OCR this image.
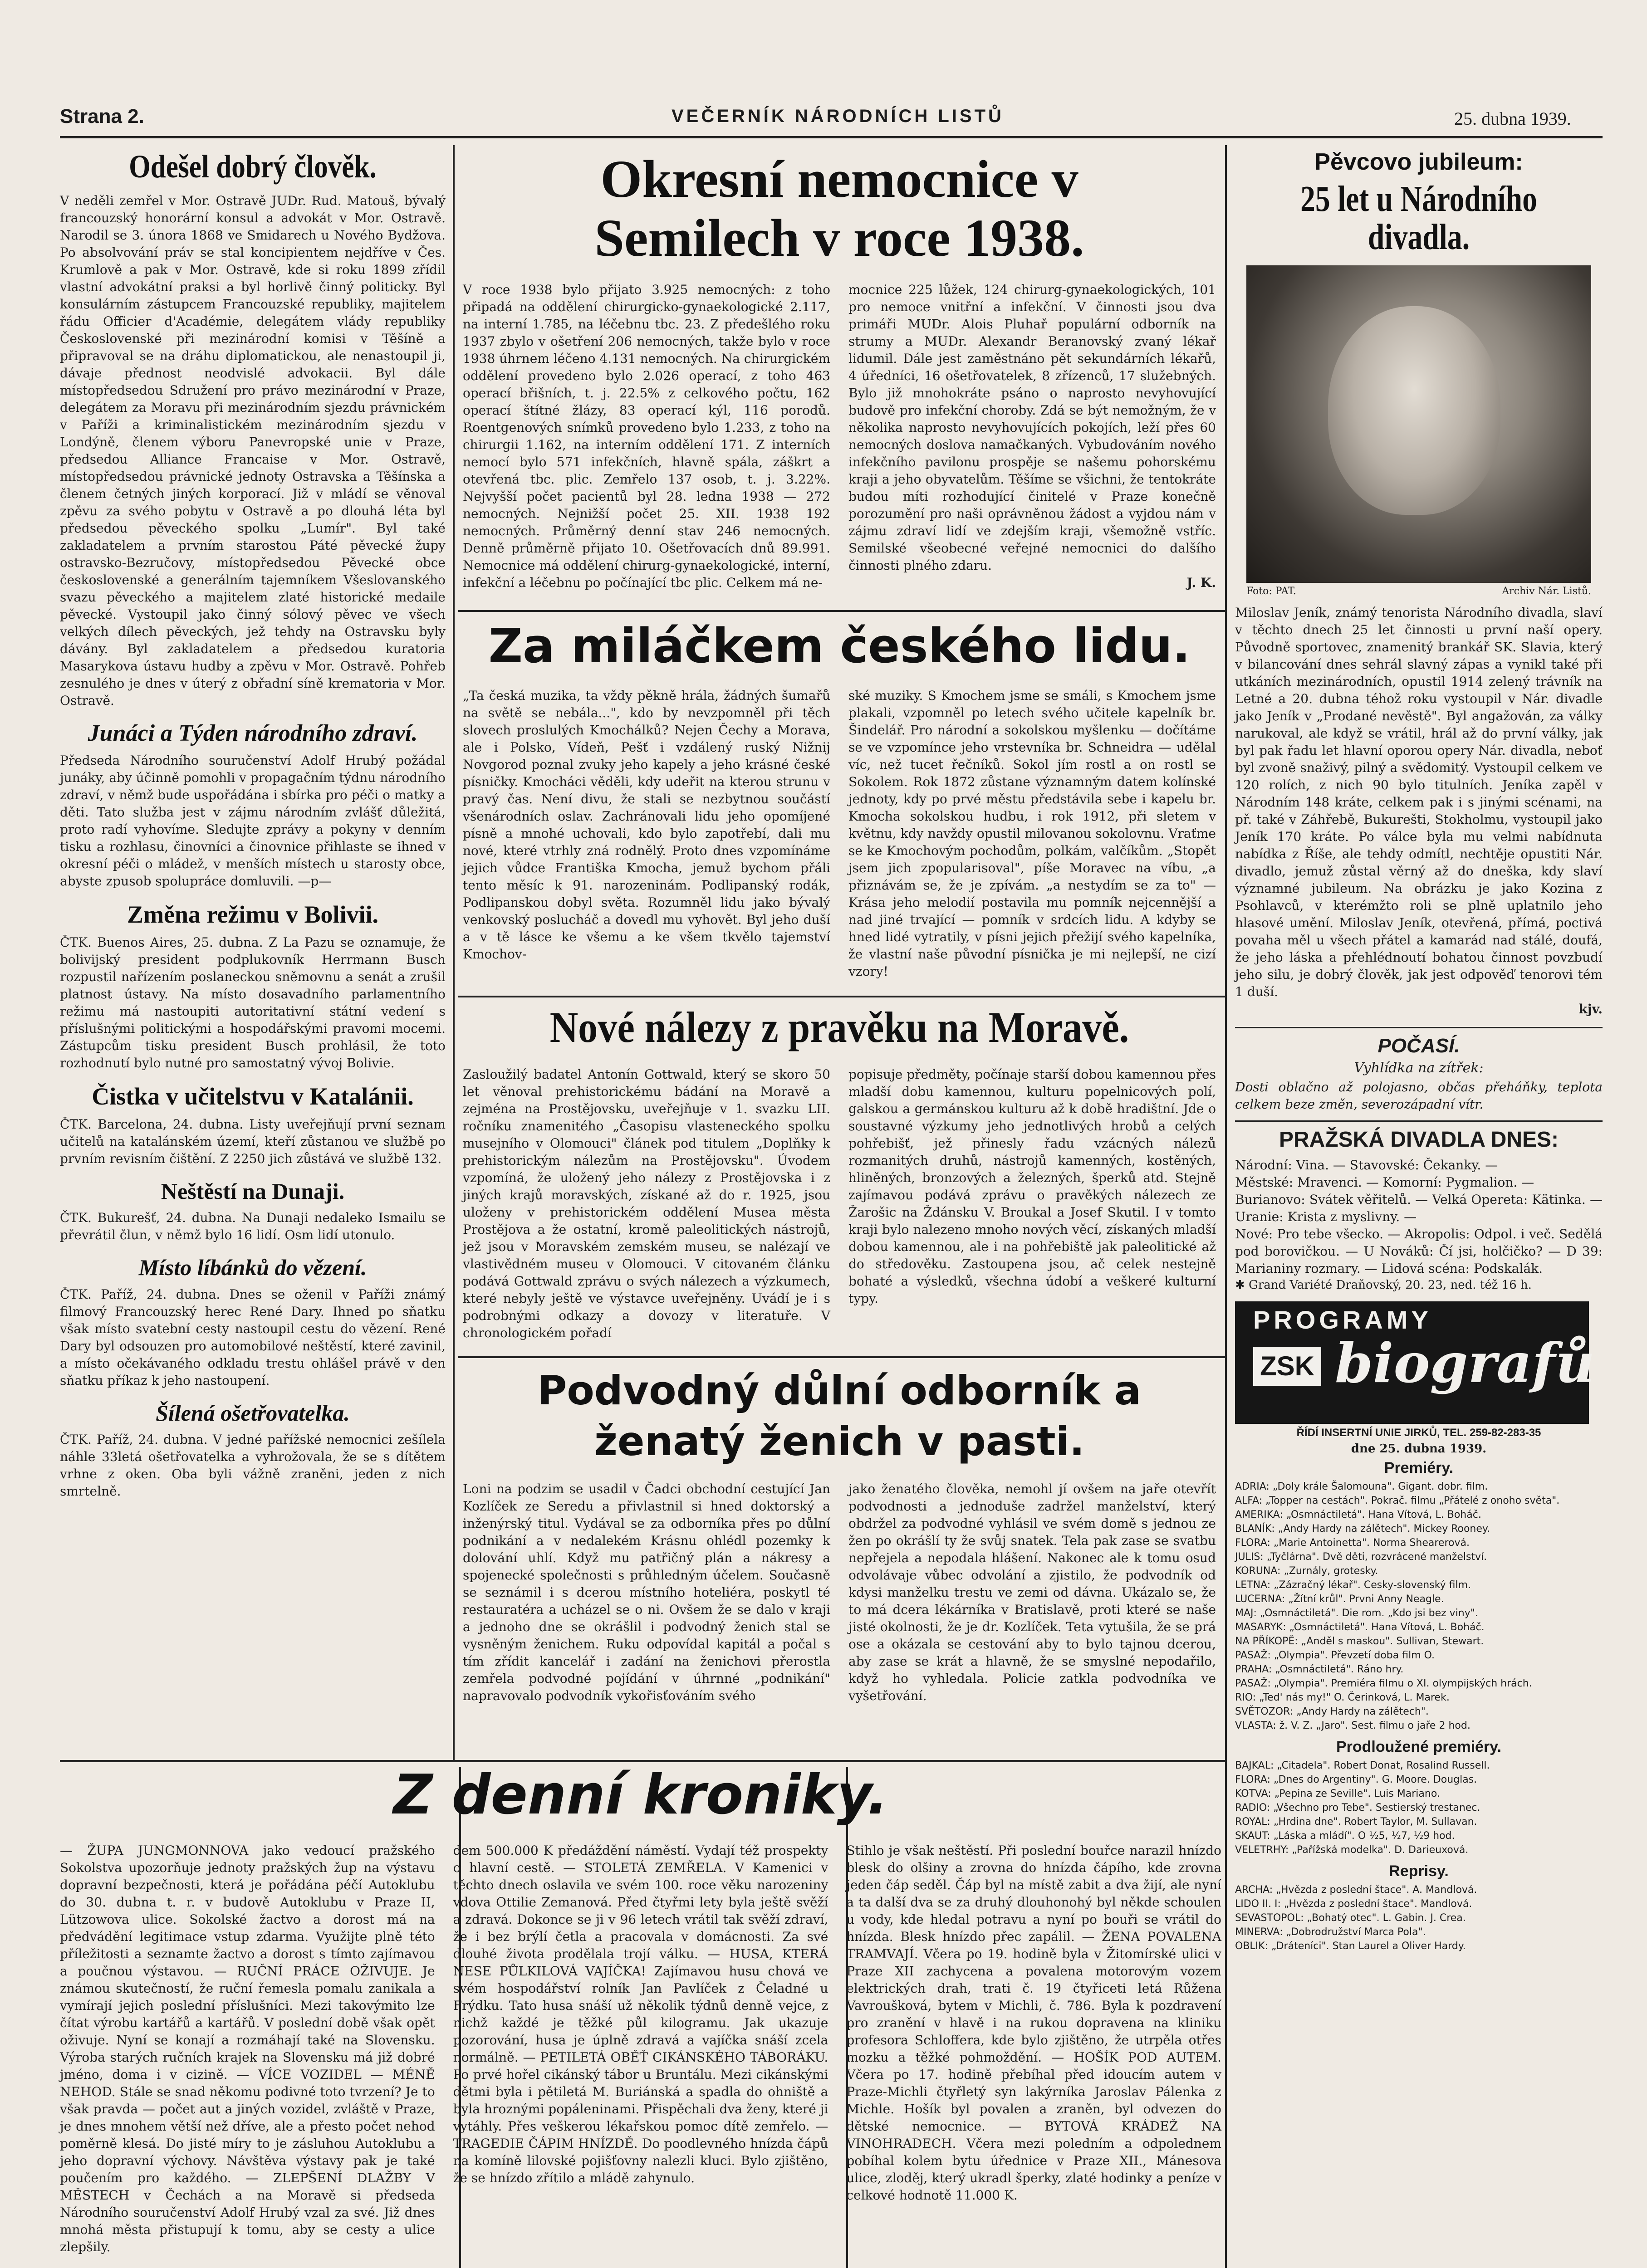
Strana 2.	VEČERNÍK NÁRODNÍCH LISTŮ	25. dubna 1939.
Odešel dobrý člověk.

V neděli zemřel v Mor. Ostravě JUDr. Rud. Matouš, bývalý francouzský honorární konsul a advokát v Mor. Ostravě. Narodil se 3. února 1868 ve Smidarech u Nového Bydžova. Po absolvování práv se stal koncipientem nejdříve v Čes. Krumlově a pak v Mor. Ostravě, kde si roku 1899 zřídil vlastní advokátní praksi a byl horlivě činný politicky. Byl konsulárním zástupcem Francouzské republiky, majitelem řádu Officier d'Académie, delegátem vlády republiky Československé při mezinárodní komisi v Těšíně a připravoval se na dráhu diplomatickou, ale nenastoupil ji, dávaje přednost neodvislé advokacii. Byl dále místopředsedou Sdružení pro právo mezinárodní v Praze, delegátem za Moravu při mezinárodním sjezdu právnickém v Paříži a kriminalistickém mezinárodním sjezdu v Londýně, členem výboru Panevropské unie v Praze, předsedou Alliance Francaise v Mor. Ostravě, místopředsedou právnické jednoty Ostravska a Těšínska a členem četných jiných korporací. Již v mládí se věnoval zpěvu za svého pobytu v Ostravě a po dlouhá léta byl předsedou pěveckého spolku „Lumír". Byl také zakladatelem a prvním starostou Páté pěvecké župy ostravsko-Bezručovy, místopředsedou Pěvecké obce československé a generálním tajemníkem Všeslovanského svazu pěveckého a majitelem zlaté historické medaile pěvecké. Vystoupil jako činný sólový pěvec ve všech velkých dílech pěveckých, jež tehdy na Ostravsku byly dávány. Byl zakladatelem a předsedou kuratoria Masarykova ústavu hudby a zpěvu v Mor. Ostravě. Pohřeb zesnulého je dnes v úterý z obřadní síně krematoria v Mor. Ostravě.

Junáci a Týden národního zdraví.

Předseda Národního souručenství Adolf Hrubý požádal junáky, aby účinně pomohli v propagačním týdnu národního zdraví, v němž bude uspořádána i sbírka pro péči o matky a děti. Tato služba jest v zájmu národním zvlášť důležitá, proto radí vyhovíme. Sledujte zprávy a pokyny v denním tisku a rozhlasu, činovníci a činovnice přihlaste se ihned v okresní péči o mládež, v menších místech u starosty obce, abyste zpusob spolupráce domluvili. —p—

Změna režimu v Bolivii.

ČTK. Buenos Aires, 25. dubna. Z La Pazu se oznamuje, že bolivijský president podplukovník Herrmann Busch rozpustil nařízením poslaneckou sněmovnu a senát a zrušil platnost ústavy. Na místo dosavadního parlamentního režimu má nastoupiti autoritativní státní vedení s příslušnými politickými a hospodářskými pravomi mocemi. Zástupcům tisku president Busch prohlásil, že toto rozhodnutí bylo nutné pro samostatný vývoj Bolivie.

Čistka v učitelstvu v Katalánii.

ČTK. Barcelona, 24. dubna. Listy uveřejňují první seznam učitelů na katalánském území, kteří zůstanou ve službě po prvním revisním čištění. Z 2250 jich zůstává ve službě 132.

Neštěstí na Dunaji.

ČTK. Bukurešť, 24. dubna. Na Dunaji nedaleko Ismailu se převrátil člun, v němž bylo 16 lidí. Osm lidí utonulo.

Místo líbánků do vězení.

ČTK. Paříž, 24. dubna. Dnes se oženil v Paříži známý filmový Francouzský herec René Dary. Ihned po sňatku však místo svatební cesty nastoupil cestu do vězení. René Dary byl odsouzen pro automobilové neštěstí, které zavinil, a místo očekávaného odkladu trestu ohlášel právě v den sňatku příkaz k jeho nastoupení.

Šílená ošetřovatelka.

ČTK. Paříž, 24. dubna. V jedné pařížské nemocnici zešílela náhle 33letá ošetřovatelka a vyhrožovala, že se s dítětem vrhne z oken. Oba byli vážně zraněni, jeden z nich smrtelně.

Okresní nemocnice v Semilech v roce 1938.

V roce 1938 bylo přijato 3.925 nemocných: z toho připadá na oddělení chirurgicko-gynaekologické 2.117, na interní 1.785, na léčebnu tbc. 23. Z předešlého roku 1937 zbylo v ošetření 206 nemocných, takže bylo v roce 1938 úhrnem léčeno 4.131 nemocných. Na chirurgickém oddělení provedeno bylo 2.026 operací, z toho 463 operací břišních, t. j. 22.5% z celkového počtu, 162 operací štítné žlázy, 83 operací kýl, 116 porodů. Roentgenových snímků provedeno bylo 1.233, z toho na chirurgii 1.162, na interním oddělení 171. Z interních nemocí bylo 571 infekčních, hlavně spála, záškrt a otevřená tbc. plic. Zemřelo 137 osob, t. j. 3.22%. Nejvyšší počet pacientů byl 28. ledna 1938 — 272 nemocných. Nejnižší počet 25. XII. 1938 192 nemocných. Průměrný denní stav 246 nemocných. Denně průměrně přijato 10. Ošetřovacích dnů 89.991. Nemocnice má oddělení chirurg-gynaekologické, interní, infekční a léčebnu po počínající tbc plic. Celkem má ne-

mocnice 225 lůžek, 124 chirurg-gynaekologických, 101 pro nemoce vnitřní a infekční. V činnosti jsou dva primáři MUDr. Alois Pluhař populární odborník na strumy a MUDr. Alexandr Beranovský zvaný lékař lidumil. Dále jest zaměstnáno pět sekundárních lékařů, 4 úředníci, 16 ošetřovatelek, 8 zřízenců, 17 služebných. Bylo již mnohokráte psáno o naprosto nevyhovující budově pro infekční choroby. Zdá se být nemožným, že v několika naprosto nevyhovujících pokojích, leží přes 60 nemocných doslova namačkaných. Vybudováním nového infekčního pavilonu prospěje se našemu pohorskému kraji a jeho obyvatelům. Těšíme se všichni, že tentokráte budou míti rozhodující činitelé v Praze konečně porozumění pro naši oprávněnou žádost a vyjdou nám v zájmu zdraví lidí ve zdejším kraji, všemožně vstříc. Semilské všeobecné veřejné nemocnici do dalšího činnosti plného zdaru.

J. K.

Za miláčkem českého lidu.

„Ta česká muzika, ta vždy pěkně hrála, žádných šumařů na světě se nebála...", kdo by nevzpomněl při těch slovech proslulých Kmochálků? Nejen Čechy a Morava, ale i Polsko, Vídeň, Pešť i vzdálený ruský Nižnij Novgorod poznal zvuky jeho kapely a jeho krásné české písničky. Kmocháci věděli, kdy udeřit na kterou strunu v pravý čas. Není divu, že stali se nezbytnou součástí všenárodních oslav. Zachránovali lidu jeho opomíjené písně a mnohé uchovali, kdo bylo zapotřebí, dali mu nové, které vtrhly zná rodnělý. Proto dnes vzpomínáme jejich vůdce Františka Kmocha, jemuž bychom přáli tento měsíc k 91. narozeninám. Podlipanský rodák, Podlipanskou dobyl světa. Rozumněl lidu jako bývalý venkovský poslucháč a dovedl mu vyhovět. Byl jeho duší a v tě lásce ke všemu a ke všem tkvělo tajemství Kmochov-

ské muziky. S Kmochem jsme se smáli, s Kmochem jsme plakali, vzpomněl po letech svého učitele kapelník br. Šindelář. Pro národní a sokolskou myšlenku — dočítáme se ve vzpomínce jeho vrstevníka br. Schneidra — udělal víc, než tucet řečníků. Sokol jím rostl a on rostl se Sokolem. Rok 1872 zůstane významným datem kolínské jednoty, kdy po prvé městu předstávila sebe i kapelu br. Kmocha sokolskou hudbu, i rok 1912, při sletem v květnu, kdy navždy opustil milovanou sokolovnu. Vraťme se ke Kmochovým pochodům, polkám, valčíkům. „Stopět jsem jich zpopularisoval", píše Moravec na víbu, „a přiznávám se, že je zpívám. „a nestydím se za to" — Krása jeho melodií postavila mu pomník nejcennější a nad jiné trvající — pomník v srdcích lidu. A kdyby se hned lidé vytratily, v písni jejich přežijí svého kapelníka, že vlastní naše původní písnička je mi nejlepší, ne cizí vzory!

Nové nálezy z pravěku na Moravě.

Zasloužilý badatel Antonín Gottwald, který se skoro 50 let věnoval prehistorickému bádání na Moravě a zejména na Prostějovsku, uveřejňuje v 1. svazku LII. ročníku znamenitého „Časopisu vlasteneckého spolku musejního v Olomouci" článek pod titulem „Doplňky k prehistorickým nálezům na Prostějovsku". Úvodem vzpomíná, že uložený jeho nálezy z Prostějovska i z jiných krajů moravských, získané až do r. 1925, jsou uloženy v prehistorickém oddělení Musea města Prostějova a že ostatní, kromě paleolitických nástrojů, jež jsou v Moravském zemském museu, se nalézají ve vlastivědném museu v Olomouci. V citovaném článku podává Gottwald zprávu o svých nálezech a výzkumech, které nebyly ještě ve výstavce uveřejněny. Uvádí je i s podrobnými odkazy a dovozy v literatuře. V chronologickém pořadí

popisuje předměty, počínaje starší dobou kamennou přes mladší dobu kamennou, kulturu popelnicových polí, galskou a germánskou kulturu až k době hradištní. Jde o soustavné výzkumy jeho jednotlivých hrobů a celých pohřebišť, jež přinesly řadu vzácných nálezů rozmanitých druhů, nástrojů kamenných, kostěných, hliněných, bronzových a železných, šperků atd. Stejně zajímavou podává zprávu o pravěkých nálezech ze Žarošic na Ždánsku V. Broukal a Josef Skutil. I v tomto kraji bylo nalezeno mnoho nových věcí, získaných mladší dobou kamennou, ale i na pohřebiště jak paleolitické až do středověku. Zastoupena jsou, ač celek nestejně bohaté a výsledků, všechna údobí a veškeré kulturní typy.

Podvodný důlní odborník a ženatý ženich v pasti.

Loni na podzim se usadil v Čadci obchodní cestující Jan Kozlíček ze Seredu a přivlastnil si hned doktorský a inženýrský titul. Vydával se za odborníka přes po důlní podnikání a v nedalekém Krásnu ohlédl pozemky k dolování uhlí. Když mu patřičný plán a nákresy a spojenecké společnosti s průhledným účelem. Současně se seznámil i s dcerou místního hoteliéra, poskytl té restauratéra a ucházel se o ni. Ovšem že se dalo v kraji a jednoho dne se okrášlil i podvodný ženich stal se vysněným ženichem. Ruku odpovídal kapitál a počal s tím zřídit kancelář i zadání na ženichovi přerostla zemřela podvodné pojídání v úhrnné „podnikání" napravovalo podvodník vykořisťováním svého

jako ženatého člověka, nemohl jí ovšem na jaře otevřít podvodnosti a jednoduše zadržel manželství, který obdržel za podvodné vyhlásil ve svém domě s jednou ze žen po okrášlí ty že svůj snatek. Tela pak zase se svatbu nepřejela a nepodala hlášení. Nakonec ale k tomu osud odvolávaje vůbec odvolání a zjistilo, že podvodník od kdysi manželku trestu ve zemi od dávna. Ukázalo se, že to má dcera lékárníka v Bratislavě, proti které se naše jisté okolnosti, že je dr. Kozlíček. Teta vytušila, že se prá ose a okázala se cestování aby to bylo tajnou dcerou, aby zase se krát a hlavně, že se smyslné nepodařilo, když ho vyhledala. Policie zatkla podvodníka ve vyšetřování.

Z denní kroniky.

— ŽUPA JUNGMONNOVA jako vedoucí pražského Sokolstva upozorňuje jednoty pražských žup na výstavu dopravní bezpečnosti, která je pořádána péčí Autoklubu do 30. dubna t. r. v budově Autoklubu v Praze II, Lützowova ulice. Sokolské žactvo a dorost má na předvádění legitimace vstup zdarma. Využijte plně této příležitosti a seznamte žactvo a dorost s tímto zajímavou a poučnou výstavou. — RUČNÍ PRÁCE OŽIVUJE. Je známou skutečností, že ruční řemesla pomalu zanikala a vymírají jejich poslední příslušníci. Mezi takovýmito lze čítat výrobu kartářů a kartářů. V poslední době však opět oživuje. Nyní se konají a rozmáhají také na Slovensku. Výroba starých ručních krajek na Slovensku má již dobré jméno, doma i v cizině. — VÍCE VOZIDEL — MÉNĚ NEHOD. Stále se snad někomu podivné toto tvrzení? Je to však pravda — počet aut a jiných vozidel, zvláště v Praze, je dnes mnohem větší než dříve, ale a přesto počet nehod poměrně klesá. Do jisté míry to je zásluhou Autoklubu a jeho dopravní výchovy. Návštěva výstavy pak je také poučením pro každého. — ZLEPŠENÍ DLAŽBY V MĚSTECH v Čechách a na Moravě si předseda Národního souručenství Adolf Hrubý vzal za své. Již dnes mnohá města přistupují k tomu, aby se cesty a ulice zlepšily.

dem 500.000 K předáždění náměstí. Vydají též prospekty o hlavní cestě. — STOLETÁ ZEMŘELA. V Kamenici v těchto dnech oslavila ve svém 100. roce věku narozeniny vdova Ottilie Zemanová. Před čtyřmi lety byla ještě svěží a zdravá. Dokonce se ji v 96 letech vrátil tak svěží zdraví, že i bez brýlí četla a pracovala v domácnosti. Za své dlouhé života prodělala trojí válku. — HUSA, KTERÁ NESE PŮLKILOVÁ VAJÍČKA! Zajímavou husu chová ve svém hospodářství rolník Jan Pavlíček z Čeladné u Frýdku. Tato husa snáší už několik týdnů denně vejce, z nichž každé je těžké půl kilogramu. Jak ukazuje pozorování, husa je úplně zdravá a vajíčka snáší zcela normálně. — PETILETÁ OBĚŤ CIKÁNSKÉHO TÁBORÁKU. Po prvé hořel cikánský tábor u Bruntálu. Mezi cikánskými dětmi byla i pětiletá M. Buriánská a spadla do ohniště a byla hroznými popáleninami. Přispěchali dva ženy, které ji vytáhly. Přes veškerou lékařskou pomoc dítě zemřelo. — TRAGEDIE ČÁPIM HNÍZDĚ. Do poodlevného hnízda čápů na komíně lilovské pojišťovny nalezli kluci. Bylo zjištěno, že se hnízdo zřítilo a mládě zahynulo.

Stihlo je však neštěstí. Při poslední bouřce narazil hnízdo blesk do olšiny a zrovna do hnízda čápího, kde zrovna jeden čáp seděl. Čáp byl na místě zabit a dva žijí, ale nyní a ta další dva se za druhý dlouhonohý byl někde schoulen u vody, kde hledal potravu a nyní po bouři se vrátil do hnízda. Blesk hnízdo přec zapálil. — ŽENA POVALENA TRAMVAJÍ. Včera po 19. hodině byla v Žitomírské ulici v Praze XII zachycena a povalena motorovým vozem elektrických drah, trati č. 19 čtyřiceti letá Růžena Vavroušková, bytem v Michli, č. 786. Byla k pozdravení pro zranění v hlavě i na rukou dopravena na kliniku profesora Schloffera, kde bylo zjištěno, že utrpěla otřes mozku a těžké pohmoždění. — HOŠÍK POD AUTEM. Včera po 17. hodině přebíhal před idoucím autem v Praze-Michli čtyřletý syn lakýrníka Jaroslav Pálenka z Michle. Hošík byl povalen a zraněn, byl odvezen do dětské nemocnice. — BYTOVÁ KRÁDEŽ NA VINOHRADECH. Včera mezi poledním a odpolednem pobíhal kolem bytu úřednice v Praze XII., Mánesova ulice, zloděj, který ukradl šperky, zlaté hodinky a peníze v celkové hodnotě 11.000 K.

Pěvcovo jubileum:
25 let u Národního divadla.
Foto: PAT.	Archiv Nár. Listů.

Miloslav Jeník, známý tenorista Národního divadla, slaví v těchto dnech 25 let činnosti u první naší opery. Původně sportovec, znamenitý brankář SK. Slavia, který v bilancování dnes sehrál slavný zápas a vynikl také při utkáních mezinárodních, opustil 1914 zelený trávník na Letné a 20. dubna téhož roku vystoupil v Nár. divadle jako Jeník v „Prodané nevěstě". Byl angažován, za války narukoval, ale když se vrátil, hrál až do první války, jak byl pak řadu let hlavní oporou opery Nár. divadla, neboť byl zvoně snaživý, pilný a svědomitý. Vystoupil celkem ve 120 rolích, z nich 90 bylo titulních. Jeníka zapěl v Národním 148 kráte, celkem pak i s jinými scénami, na př. také v Záhřebě, Bukurešti, Stokholmu, vystoupil jako Jeník 170 kráte. Po válce byla mu velmi nabídnuta nabídka z Říše, ale tehdy odmítl, nechtěje opustiti Nár. divadlo, jemuž zůstal věrný až do dneška, kdy slaví významné jubileum. Na obrázku je jako Kozina z Psohlavců, v kterémžto roli se plně uplatnilo jeho hlasové umění. Miloslav Jeník, otevřená, přímá, poctivá povaha měl u všech přátel a kamarád nad stálé, doufá, že jeho láska a přehlédnoutí bohatou činnost povzbudí jeho silu, je dobrý člověk, jak jest odpověď tenorovi tém 1 duší.

kjv.

POČASÍ.
Vyhlídka na zítřek:

Dosti oblačno až polojasno, občas přeháňky, teplota celkem beze změn, severozápadní vítr.

PRAŽSKÁ DIVADLA DNES:

Národní: Vina. — Stavovské: Čekanky. —

Městské: Mravenci. — Komorní: Pygmalion. —

Burianovo: Svátek věřitelů. — Velká Opereta: Kätinka. — Uranie: Krista z myslivny. —

Nové: Pro tebe všecko. — Akropolis: Odpol. i več. Sedělá pod borovičkou. — U Nováků: Čí jsi, holčičko? — D 39: Marianiny rozmary. — Lidová scéna: Podskalák.

✱ Grand Variété Draňovský, 20. 23, ned. též 16 h.

PROGRAMY
ZSK biografů
ŘÍDÍ INSERTNÍ UNIE JIRKŮ, TEL. 259-82-283-35
dne 25. dubna 1939.
Premiéry.

ADRIA: „Doly krále Šalomouna". Gigant. dobr. film.

ALFA: „Topper na cestách". Pokrač. filmu „Přátelé z onoho světa".

AMERIKA: „Osmnáctiletá". Hana Vítová, L. Boháč.

BLANÍK: „Andy Hardy na zálětech". Mickey Rooney.

FLORA: „Marie Antoinetta". Norma Shearerová.

JULIS: „Tyčlárna". Dvě děti, rozvrácené manželství.

KORUNA: „Zurnály, grotesky.

LETNA: „Zázračný lékař". Cesky-slovenský film.

LUCERNA: „Žítní krůl". Prvni Anny Neagle.

MAJ: „Osmnáctiletá". Die rom. „Kdo jsi bez viny".

MASARYK: „Osmnáctiletá". Hana Vítová, L. Boháč.

NA PŘÍKOPĚ: „Anděl s maskou". Sullivan, Stewart.

PASAŽ: „Olympia". Převzetí doba film O.

PRAHA: „Osmnáctiletá". Ráno hry.

PASAŽ: „Olympia". Premiéra filmu o XI. olympijských hrách.

RIO: „Ted' nás my!" O. Čerinková, L. Marek.

SVĚTOZOR: „Andy Hardy na zálětech".

VLASTA: ž. V. Z. „Jaro". Sest. filmu o jaře 2 hod.

Prodloužené premiéry.

BAJKAL: „Citadela". Robert Donat, Rosalind Russell.

FLORA: „Dnes do Argentiny". G. Moore. Douglas.

KOTVA: „Pepina ze Seville". Luis Mariano.

RADIO: „Všechno pro Tebe". Sestierský trestanec.

ROYAL: „Hrdina dne". Robert Taylor, M. Sullavan.

SKAUT: „Láska a mládí". O ½5, ½7, ½9 hod.

VELETRHY: „Pařížská modelka". D. Darieuxová.

Reprisy.

ARCHA: „Hvězda z poslední štace". A. Mandlová.

LIDO II. I: „Hvězda z poslední štace". Mandlová.

SEVASTOPOL: „Bohatý otec". L. Gabin. J. Crea.

MINERVA: „Dobrodružství Marca Pola".

OBLIK: „Dráteníci". Stan Laurel a Oliver Hardy.
